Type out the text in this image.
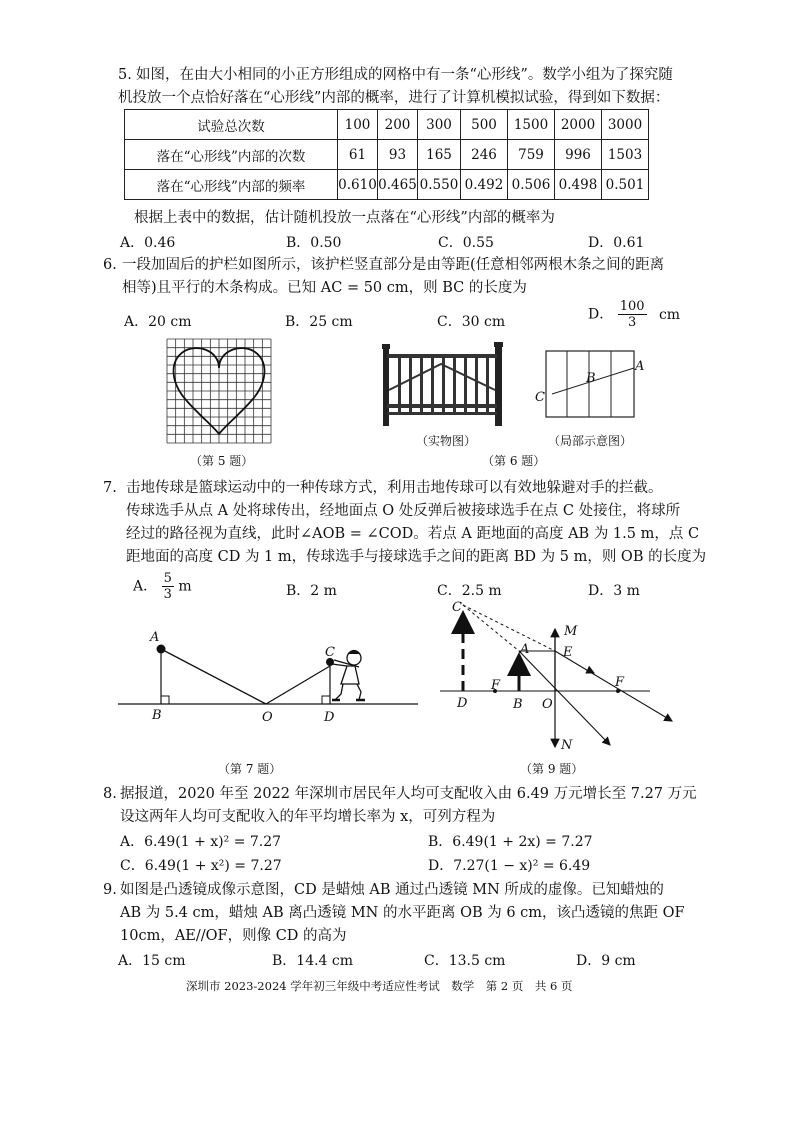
5. 如图，在由大小相同的小正方形组成的网格中有一条“心形线”。数学小组为了探究随
机投放一个点恰好落在“心形线”内部的概率，进行了计算机模拟试验，得到如下数据：
试验总次数	100	200	300	500	1500	2000	3000
落在“心形线”内部的次数	61	93	165	246	759	996	1503
落在“心形线”内部的频率	0.610	0.465	0.550	0.492	0.506	0.498	0.501
根据上表中的数据，估计随机投放一点落在“心形线”内部的概率为
A．0.46	B．0.50	C．0.55	D．0.61
6. 一段加固后的护栏如图所示，该护栏竖直部分是由等距(任意相邻两根木条之间的距离
相等)且平行的木条构成。已知 AC = 50 cm，则 BC 的长度为
A．20 cm	B．25 cm	C．30 cm	D． $\frac{100}{3}$ cm
（第 5 题）
（实物图）
A
B
C
（局部示意图）
（第 6 题）
7. 击地传球是篮球运动中的一种传球方式，利用击地传球可以有效地躲避对手的拦截。
传球选手从点 A 处将球传出，经地面点 O 处反弹后被接球选手在点 C 处接住，将球所
经过的路径视为直线，此时∠AOB = ∠COD。若点 A 距地面的高度 AB 为 1.5 m，点 C
距地面的高度 CD 为 1 m，传球选手与接球选手之间的距离 BD 为 5 m，则 OB 的长度为
A． $\frac{5}{3}$ m	B．2 m	C．2.5 m	D．3 m
A
B	O
C
D
（第 7 题）
C
M
A	E
F	F
D	B O
N
（第 9 题）
8. 据报道，2020 年至 2022 年深圳市居民年人均可支配收入由 6.49 万元增长至 7.27 万元
设这两年人均可支配收入的年平均增长率为 x，可列方程为
A．6.49(1 + x)² = 7.27	B．6.49(1 + 2x) = 7.27
C．6.49(1 + x²) = 7.27	D．7.27(1 − x)² = 6.49
9. 如图是凸透镜成像示意图，CD 是蜡烛 AB 通过凸透镜 MN 所成的虚像。已知蜡烛的
AB 为 5.4 cm，蜡烛 AB 离凸透镜 MN 的水平距离 OB 为 6 cm，该凸透镜的焦距 OF
10cm，AE//OF，则像 CD 的高为
A．15 cm	B．14.4 cm	C．13.5 cm	D．9 cm
深圳市 2023-2024 学年初三年级中考适应性考试　数学　第 2 页　共 6 页
